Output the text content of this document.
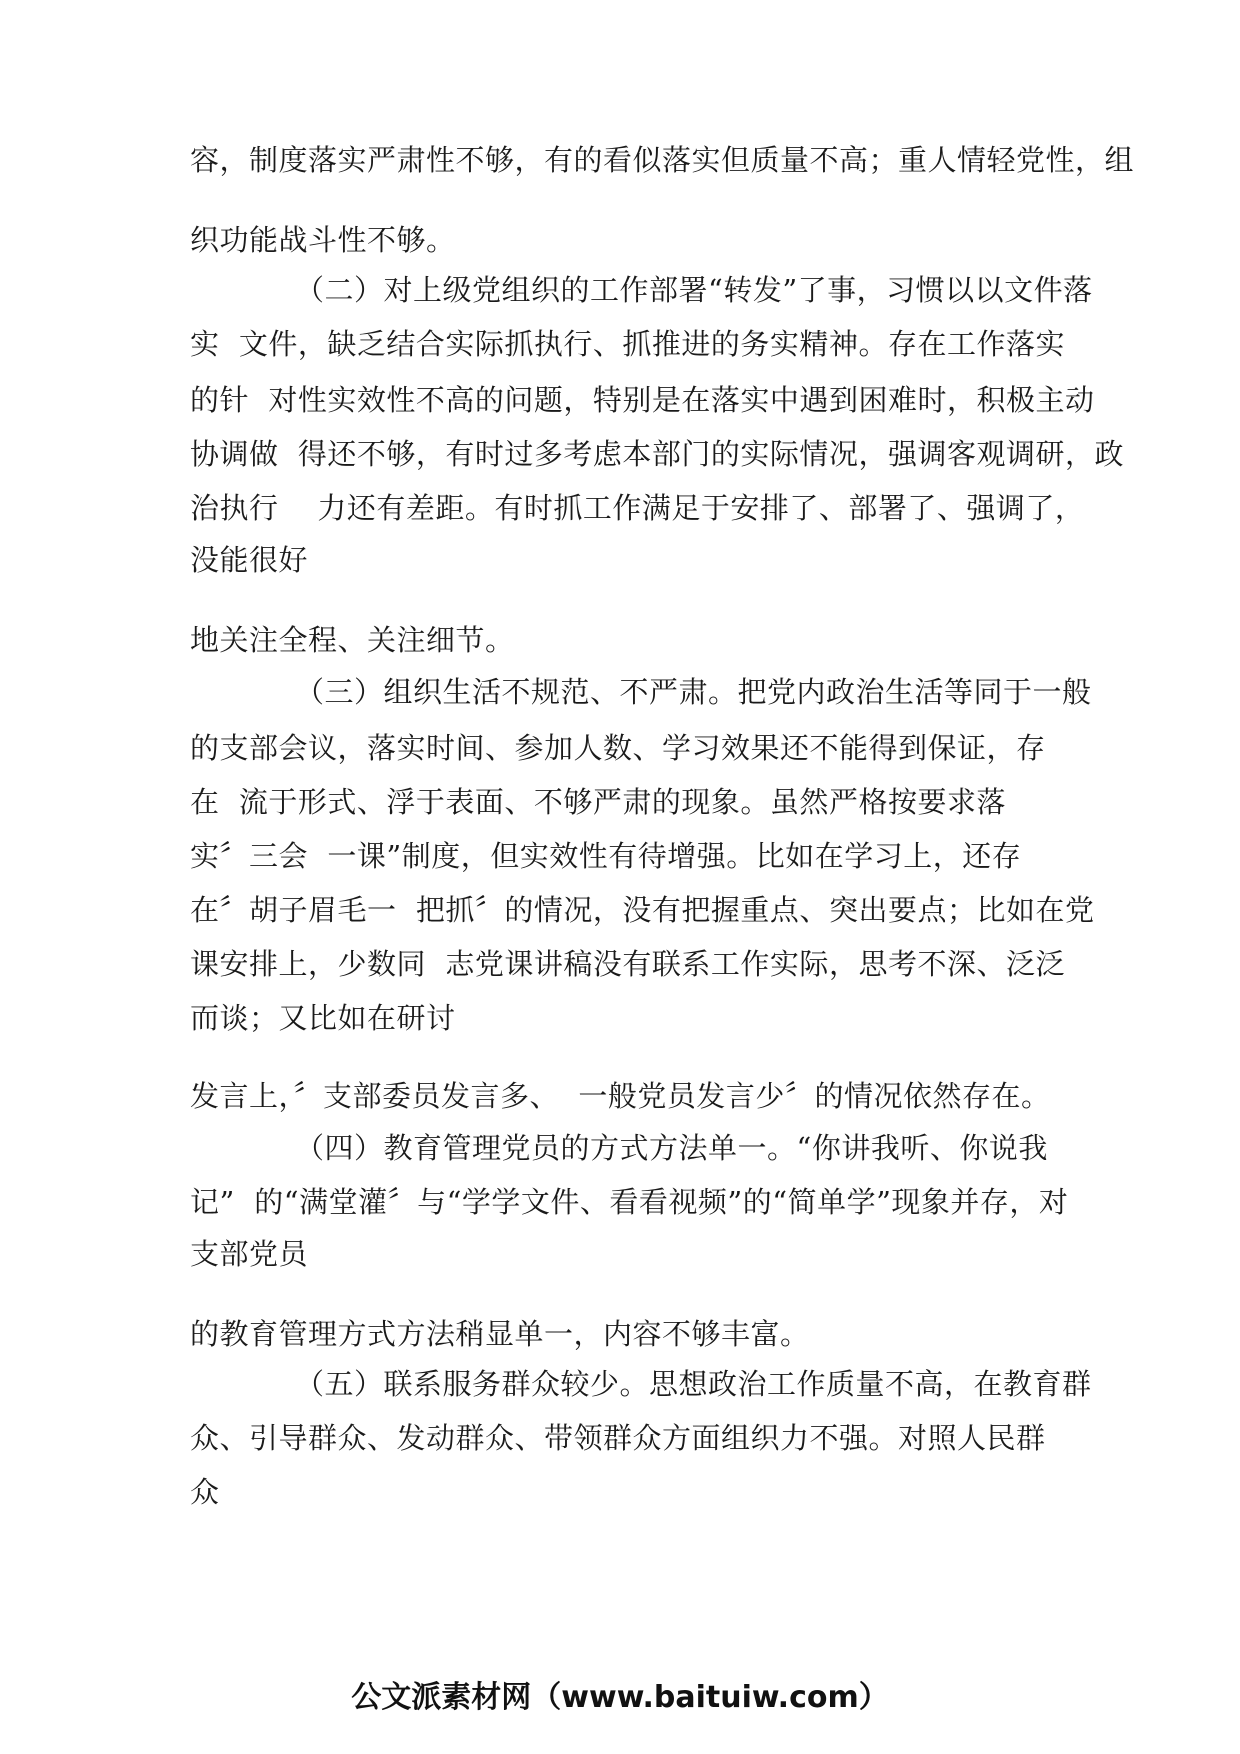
容，制度落实严肃性不够，有的看似落实但质量不高；重人情轻党性，组
织功能战斗性不够。
（二）对上级党组织的工作部署“转发”了事，习惯以以文件落
实  文件，缺乏结合实际抓执行、抓推进的务实精神。存在工作落实
的针  对性实效性不高的问题，特别是在落实中遇到困难时，积极主动
协调做  得还不够，有时过多考虑本部门的实际情况，强调客观调研，政
治执行    力还有差距。有时抓工作满足于安排了、部署了、强调了，
没能很好
地关注全程、关注细节。
（三）组织生活不规范、不严肃。把党内政治生活等同于一般
的支部会议，落实时间、参加人数、学习效果还不能得到保证，存
在  流于形式、浮于表面、不够严肃的现象。虽然严格按要求落
实〞三会  一课”制度，但实效性有待增强。比如在学习上，还存
在〞胡子眉毛一  把抓〞的情况，没有把握重点、突出要点；比如在党
课安排上，少数同  志党课讲稿没有联系工作实际，思考不深、泛泛
而谈；又比如在研讨
发言上，〞支部委员发言多、  一般党员发言少〞的情况依然存在。
（四）教育管理党员的方式方法单一。“你讲我听、你说我
记”  的“满堂灌〞与“学学文件、看看视频”的“简单学”现象并存，对
支部党员
的教育管理方式方法稍显单一，内容不够丰富。
（五）联系服务群众较少。思想政治工作质量不高，在教育群
众、引导群众、发动群众、带领群众方面组织力不强。对照人民群
众
公文派素材网（www.baituiw.com）
